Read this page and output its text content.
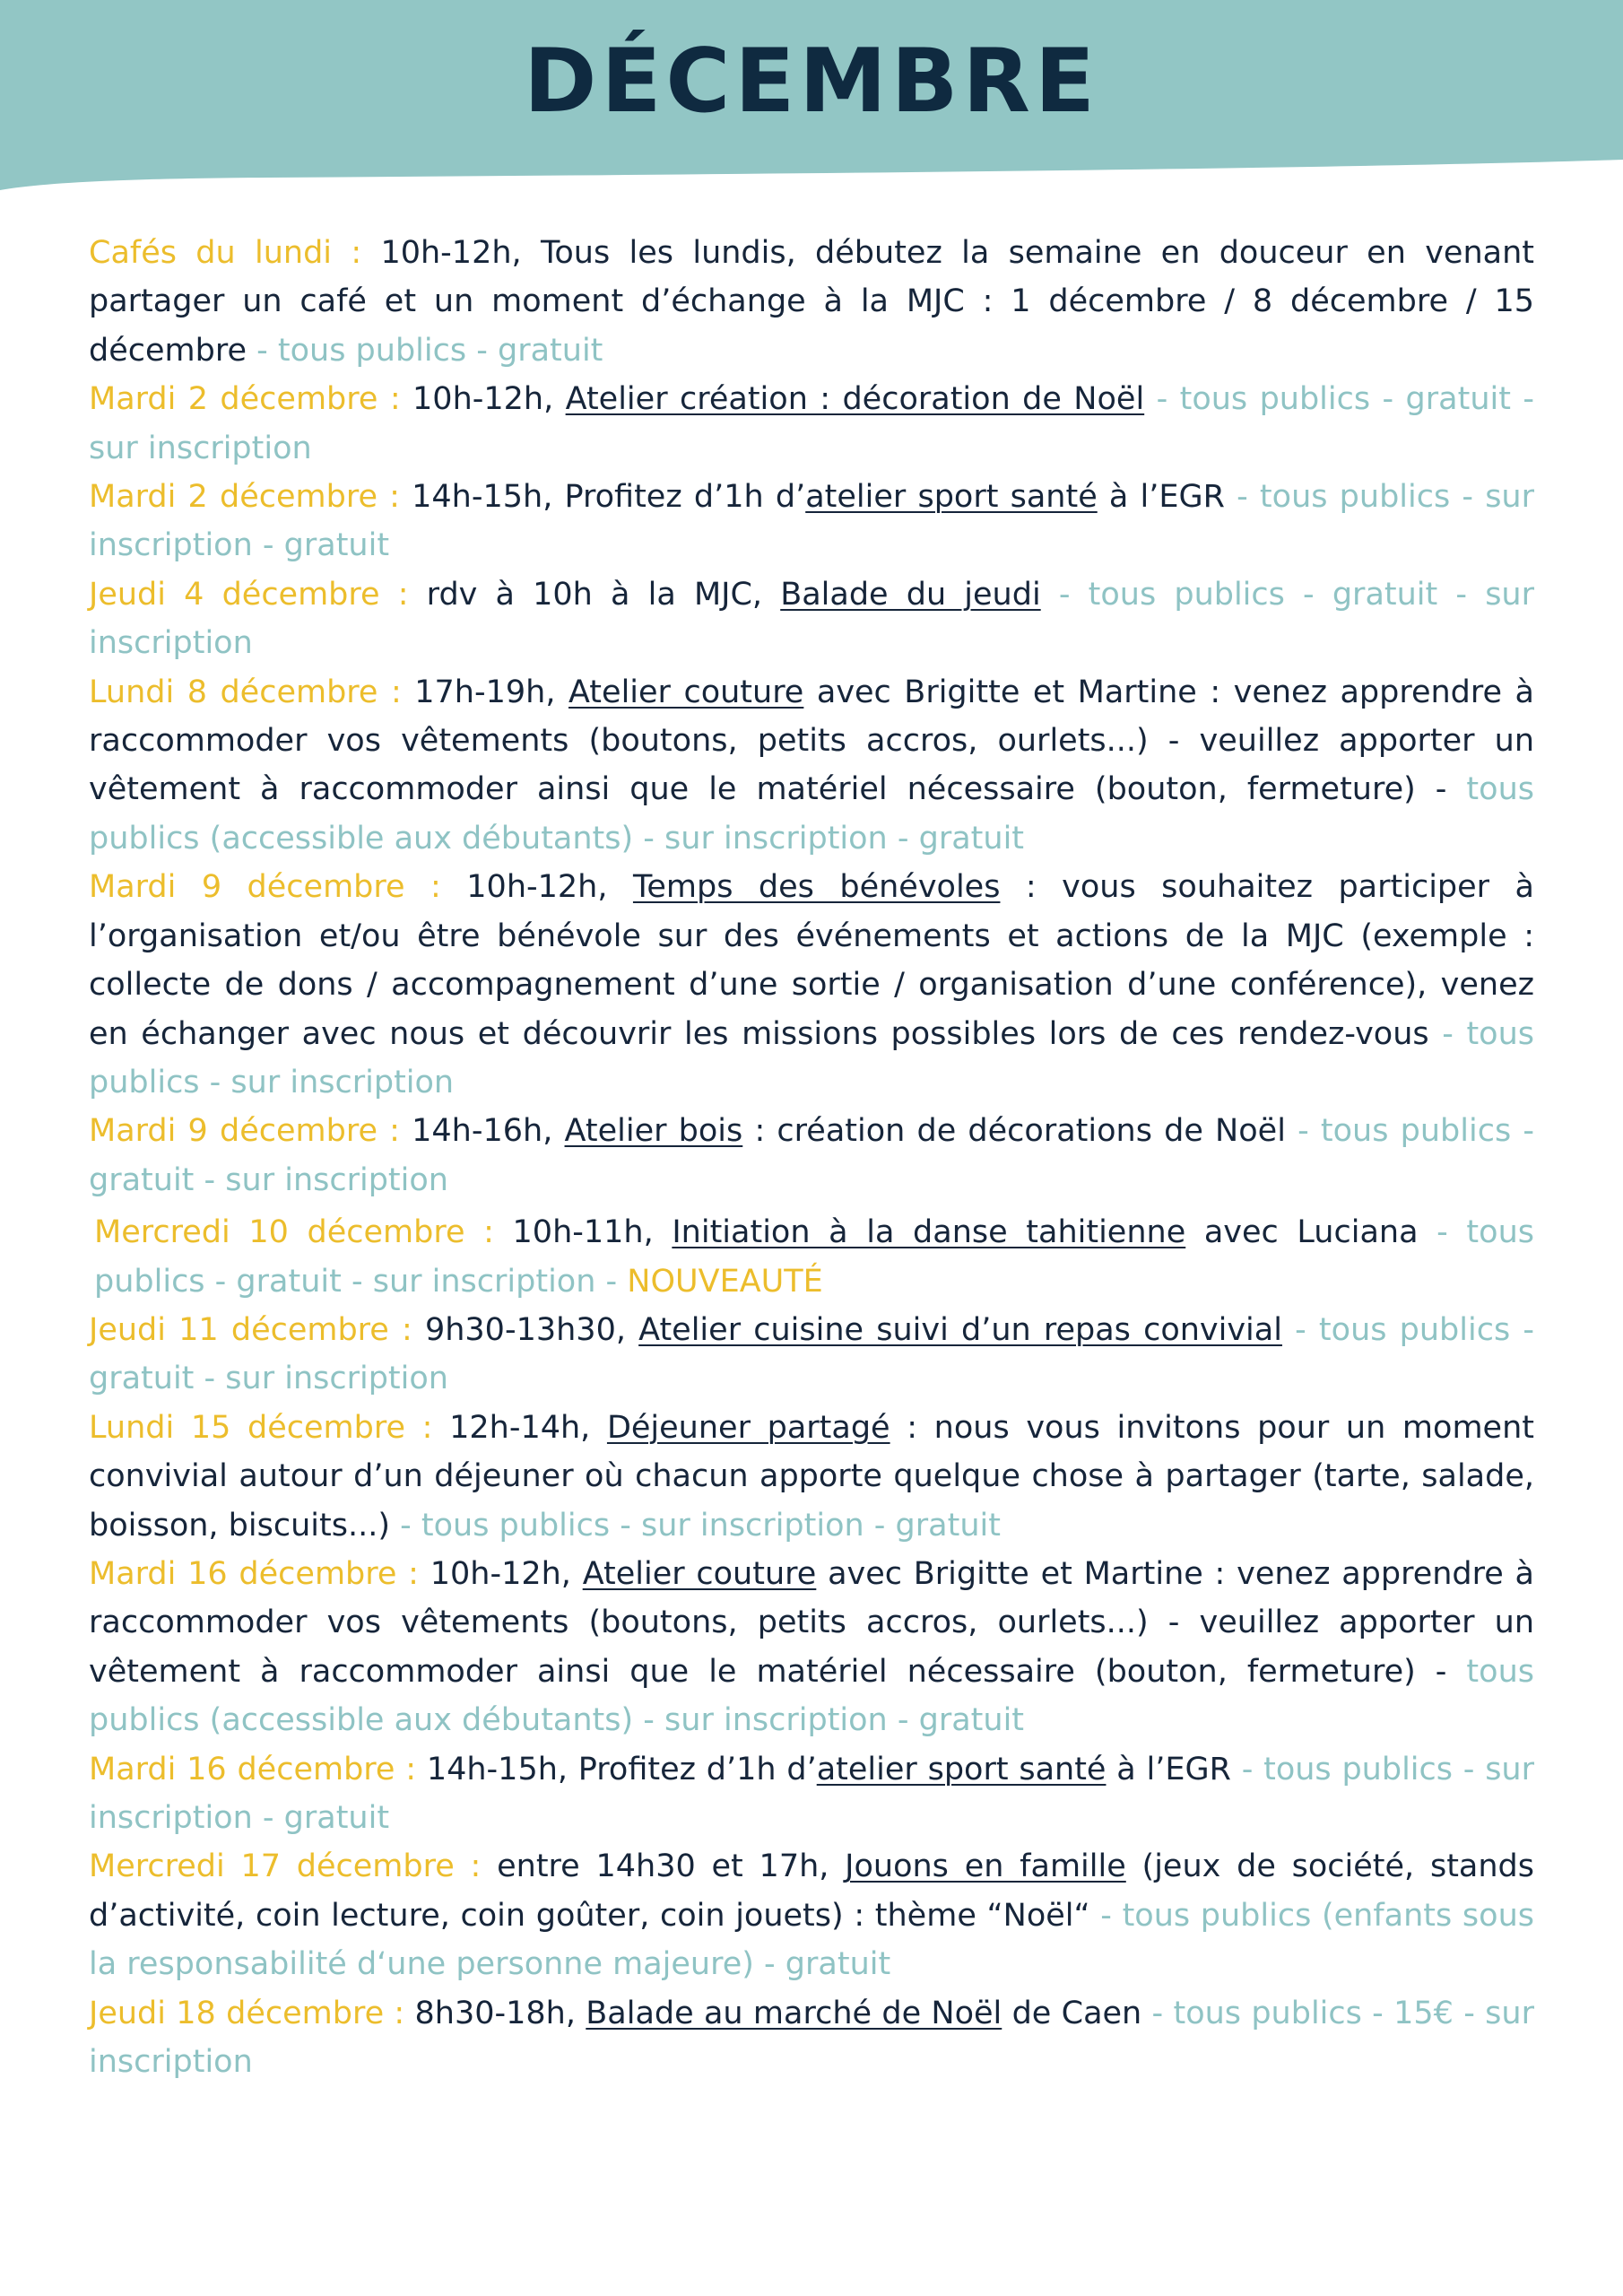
DÉCEMBRE

Cafés du lundi : 10h-12h, Tous les lundis, débutez la semaine en douceur en venant partager un café et un moment d’échange à la MJC : 1 décembre / 8 décembre / 15 décembre - tous publics - gratuit

Mardi 2 décembre : 10h-12h, Atelier création : décoration de Noël - tous publics - gratuit - sur inscription

Mardi 2 décembre : 14h-15h, Profitez d’1h d’atelier sport santé à l’EGR - tous publics - sur inscription - gratuit

Jeudi 4 décembre : rdv à 10h à la MJC, Balade du jeudi - tous publics - gratuit - sur inscription

Lundi 8 décembre : 17h-19h, Atelier couture avec Brigitte et Martine : venez apprendre à raccommoder vos vêtements (boutons, petits accros, ourlets...) - veuillez apporter un vêtement à raccommoder ainsi que le matériel nécessaire (bouton, fermeture) - tous publics (accessible aux débutants) - sur inscription - gratuit

Mardi 9 décembre : 10h-12h, Temps des bénévoles : vous souhaitez participer à l’organisation et/ou être bénévole sur des événements et actions de la MJC (exemple : collecte de dons / accompagnement d’une sortie / organisation d’une conférence), venez en échanger avec nous et découvrir les missions possibles lors de ces rendez-vous - tous publics - sur inscription

Mardi 9 décembre : 14h-16h, Atelier bois : création de décorations de Noël - tous publics - gratuit - sur inscription

Mercredi 10 décembre : 10h-11h, Initiation à la danse tahitienne avec Luciana - tous publics - gratuit - sur inscription - NOUVEAUTÉ

Jeudi 11 décembre : 9h30-13h30, Atelier cuisine suivi d’un repas convivial - tous publics - gratuit - sur inscription

Lundi 15 décembre : 12h-14h, Déjeuner partagé : nous vous invitons pour un moment convivial autour d’un déjeuner où chacun apporte quelque chose à partager (tarte, salade, boisson, biscuits...) - tous publics - sur inscription - gratuit

Mardi 16 décembre : 10h-12h, Atelier couture avec Brigitte et Martine : venez apprendre à raccommoder vos vêtements (boutons, petits accros, ourlets...) - veuillez apporter un vêtement à raccommoder ainsi que le matériel nécessaire (bouton, fermeture) - tous publics (accessible aux débutants) - sur inscription - gratuit

Mardi 16 décembre : 14h-15h, Profitez d’1h d’atelier sport santé à l’EGR - tous publics - sur inscription - gratuit

Mercredi 17 décembre : entre 14h30 et 17h, Jouons en famille (jeux de société, stands d’activité, coin lecture, coin goûter, coin jouets) : thème “Noël“ - tous publics (enfants sous la responsabilité d‘une personne majeure) - gratuit

Jeudi 18 décembre : 8h30-18h, Balade au marché de Noël de Caen - tous publics - 15€ - sur inscription
